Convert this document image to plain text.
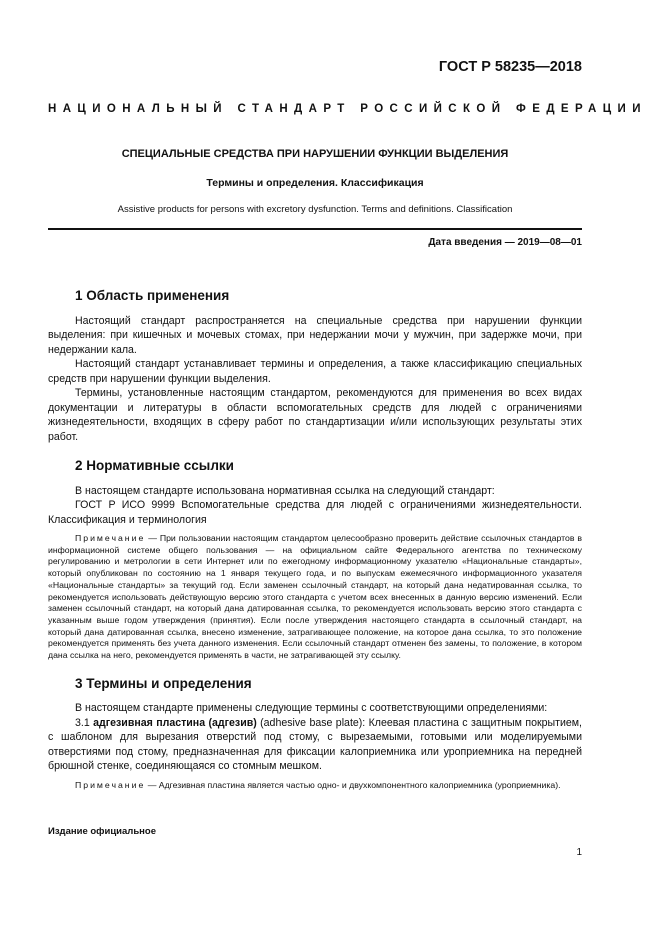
ГОСТ Р 58235—2018
НАЦИОНАЛЬНЫЙ СТАНДАРТ РОССИЙСКОЙ ФЕДЕРАЦИИ
СПЕЦИАЛЬНЫЕ СРЕДСТВА ПРИ НАРУШЕНИИ ФУНКЦИИ ВЫДЕЛЕНИЯ
Термины и определения. Классификация
Assistive products for persons with excretory dysfunction. Terms and definitions. Classification
Дата введения — 2019—08—01
1 Область применения

Настоящий стандарт распространяется на специальные средства при нарушении функции выделения: при кишечных и мочевых стомах, при недержании мочи у мужчин, при задержке мочи, при недержании кала.

Настоящий стандарт устанавливает термины и определения, а также классификацию специальных средств при нарушении функции выделения.

Термины, установленные настоящим стандартом, рекомендуются для применения во всех видах документации и литературы в области вспомогательных средств для людей с ограничениями жизнедеятельности, входящих в сферу работ по стандартизации и/или использующих результаты этих работ.

2 Нормативные ссылки

В настоящем стандарте использована нормативная ссылка на следующий стандарт:

ГОСТ Р ИСО 9999 Вспомогательные средства для людей с ограничениями жизнедеятельности. Классификация и терминология

Примечание — При пользовании настоящим стандартом целесообразно проверить действие ссылочных стандартов в информационной системе общего пользования — на официальном сайте Федерального агентства по техническому регулированию и метрологии в сети Интернет или по ежегодному информационному указателю «Национальные стандарты», который опубликован по состоянию на 1 января текущего года, и по выпускам ежемесячного информационного указателя «Национальные стандарты» за текущий год. Если заменен ссылочный стандарт, на который дана недатированная ссылка, то рекомендуется использовать действующую версию этого стандарта с учетом всех внесенных в данную версию изменений. Если заменен ссылочный стандарт, на который дана датированная ссылка, то рекомендуется использовать версию этого стандарта с указанным выше годом утверждения (принятия). Если после утверждения настоящего стандарта в ссылочный стандарт, на который дана датированная ссылка, внесено изменение, затрагивающее положение, на которое дана ссылка, то это положение рекомендуется применять без учета данного изменения. Если ссылочный стандарт отменен без замены, то положение, в котором дана ссылка на него, рекомендуется применять в части, не затрагивающей эту ссылку.

3 Термины и определения

В настоящем стандарте применены следующие термины с соответствующими определениями:

3.1 адгезивная пластина (адгезив) (adhesive base plate): Клеевая пластина с защитным покрытием, с шаблоном для вырезания отверстий под стому, с вырезаемыми, готовыми или моделируемыми отверстиями под стому, предназначенная для фиксации калоприемника или уроприемника на передней брюшной стенке, соединяющаяся со стомным мешком.

Примечание — Адгезивная пластина является частью одно- и двухкомпонентного калоприемника (уроприемника).

Издание официальное
1
